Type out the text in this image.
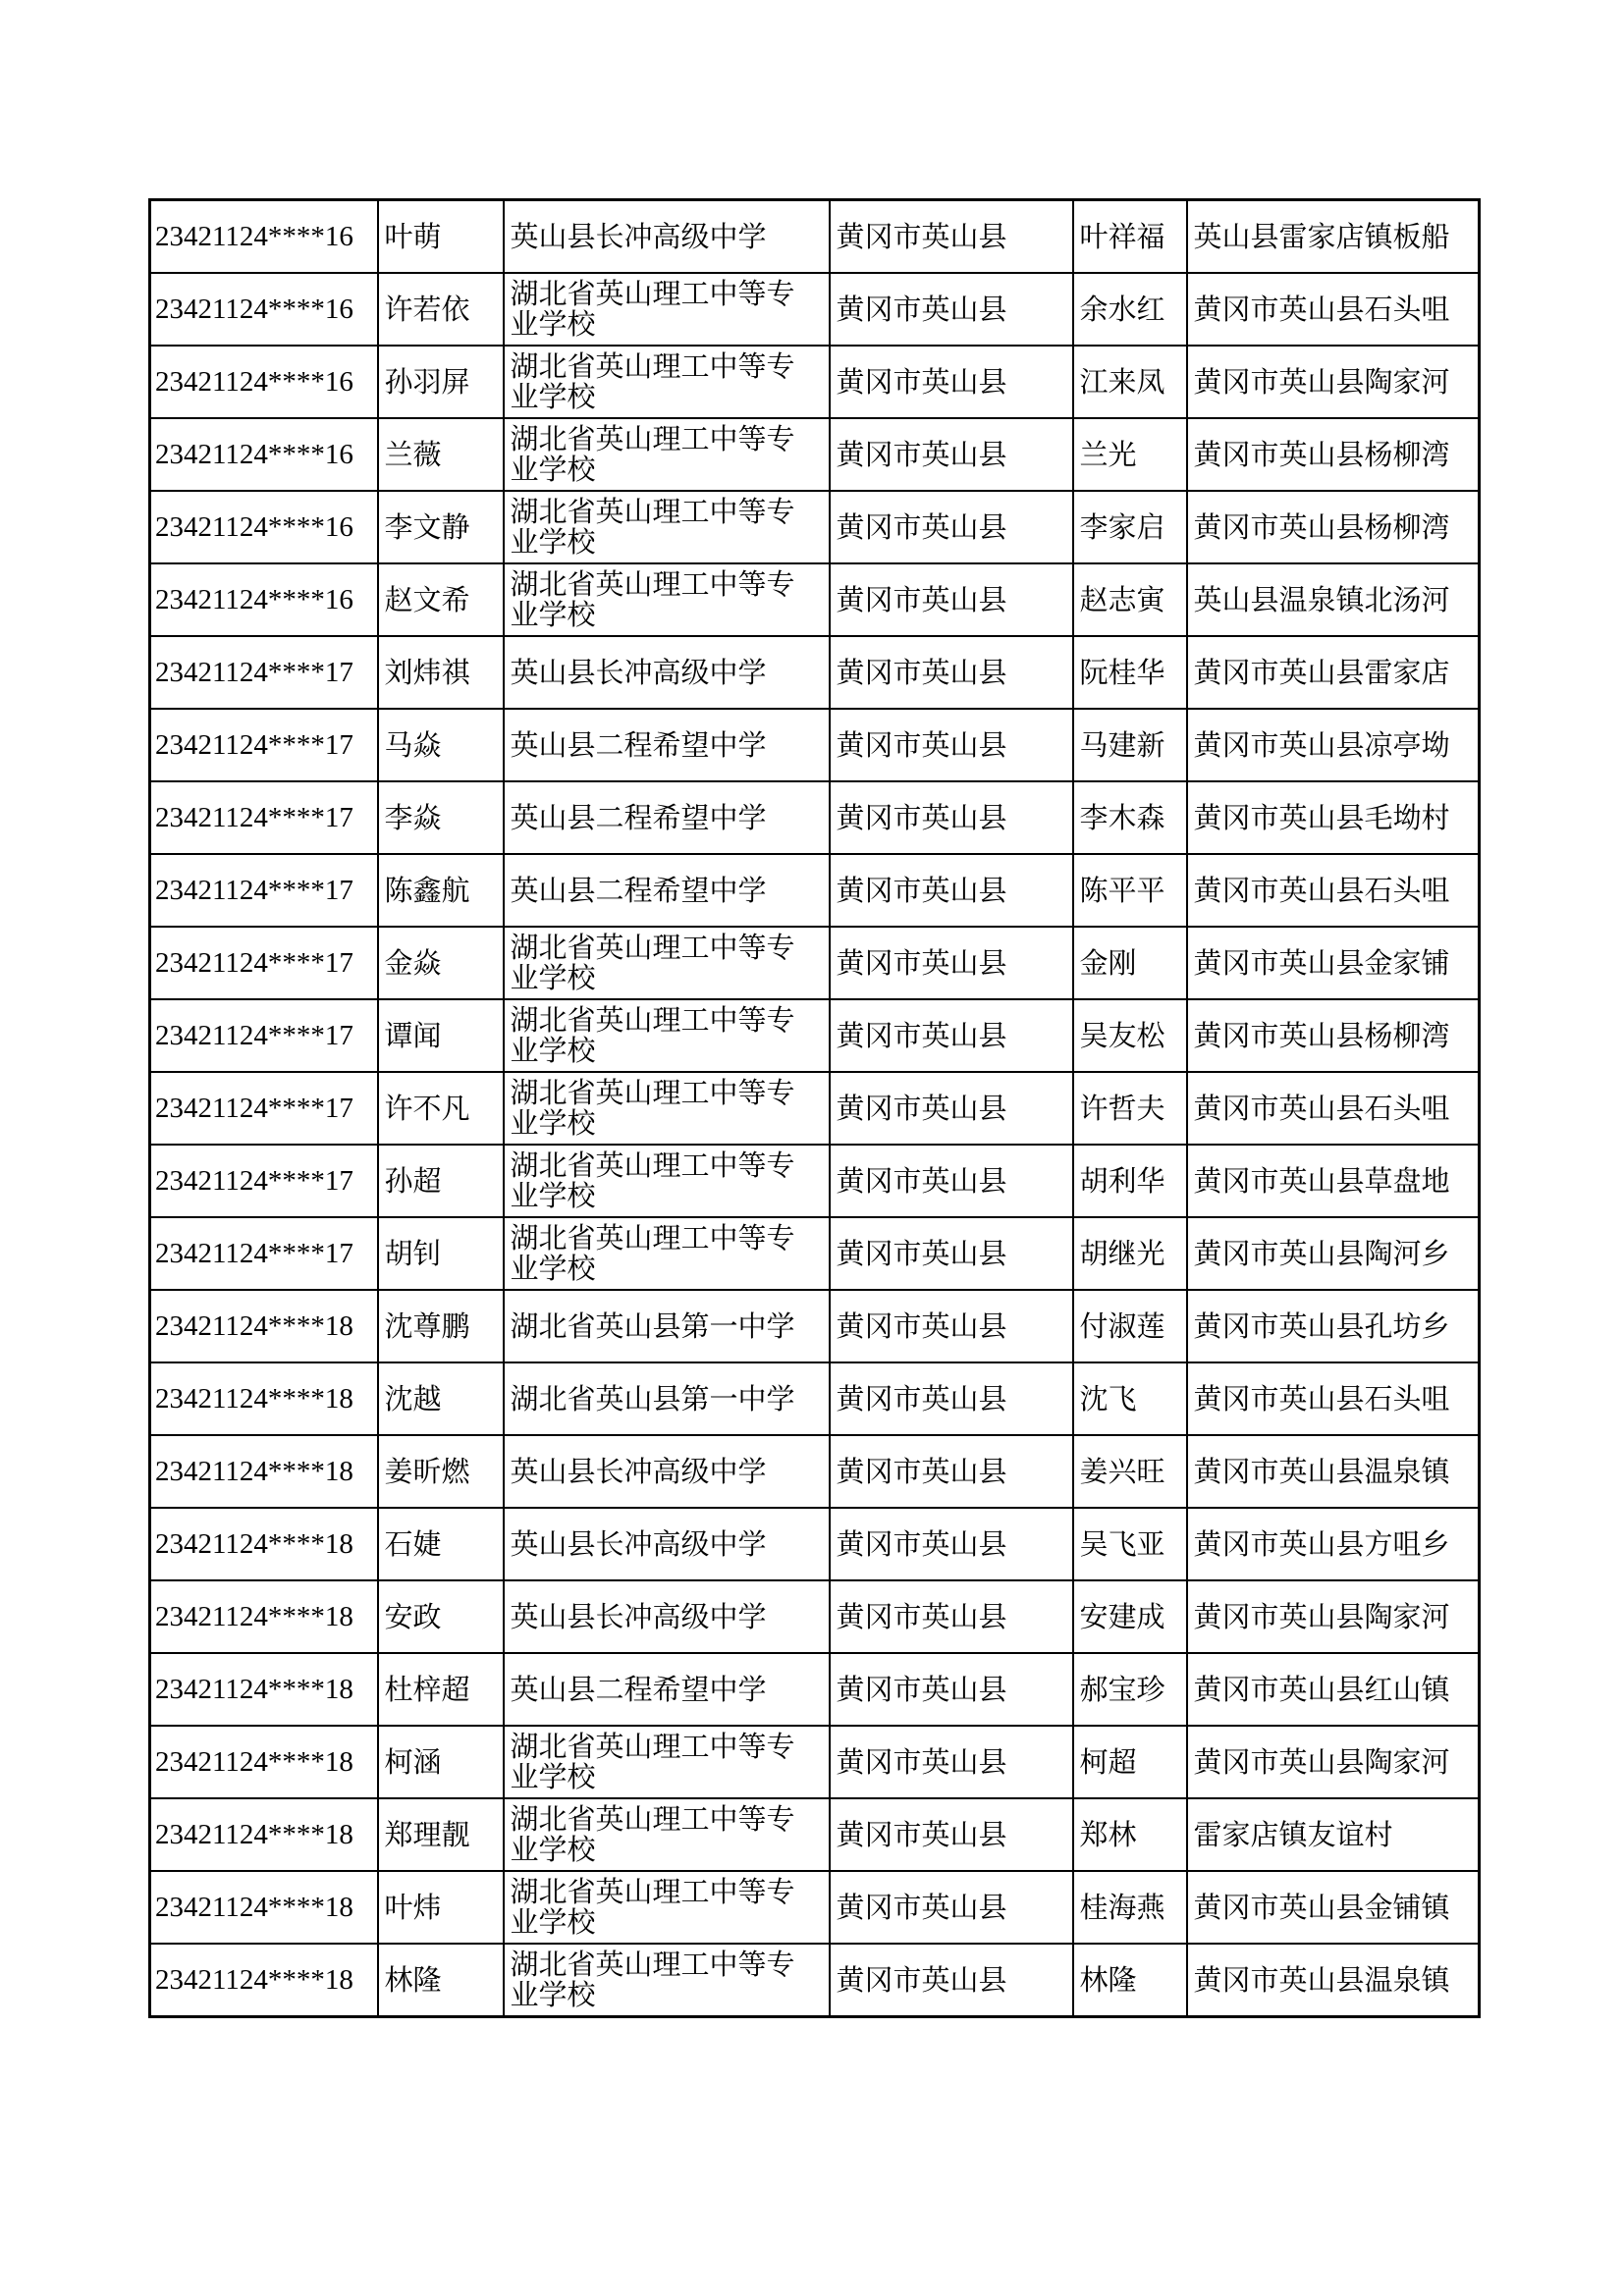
23421124****16	叶萌	英山县长冲高级中学	黄冈市英山县	叶祥福	英山县雷家店镇板船
23421124****16	许若依	湖北省英山理工中等专业学校	黄冈市英山县	余水红	黄冈市英山县石头咀
23421124****16	孙羽屏	湖北省英山理工中等专业学校	黄冈市英山县	江来凤	黄冈市英山县陶家河
23421124****16	兰薇	湖北省英山理工中等专业学校	黄冈市英山县	兰光	黄冈市英山县杨柳湾
23421124****16	李文静	湖北省英山理工中等专业学校	黄冈市英山县	李家启	黄冈市英山县杨柳湾
23421124****16	赵文希	湖北省英山理工中等专业学校	黄冈市英山县	赵志寅	英山县温泉镇北汤河
23421124****17	刘炜祺	英山县长冲高级中学	黄冈市英山县	阮桂华	黄冈市英山县雷家店
23421124****17	马焱	英山县二程希望中学	黄冈市英山县	马建新	黄冈市英山县凉亭坳
23421124****17	李焱	英山县二程希望中学	黄冈市英山县	李木森	黄冈市英山县毛坳村
23421124****17	陈鑫航	英山县二程希望中学	黄冈市英山县	陈平平	黄冈市英山县石头咀
23421124****17	金焱	湖北省英山理工中等专业学校	黄冈市英山县	金刚	黄冈市英山县金家铺
23421124****17	谭闻	湖北省英山理工中等专业学校	黄冈市英山县	吴友松	黄冈市英山县杨柳湾
23421124****17	许不凡	湖北省英山理工中等专业学校	黄冈市英山县	许哲夫	黄冈市英山县石头咀
23421124****17	孙超	湖北省英山理工中等专业学校	黄冈市英山县	胡利华	黄冈市英山县草盘地
23421124****17	胡钊	湖北省英山理工中等专业学校	黄冈市英山县	胡继光	黄冈市英山县陶河乡
23421124****18	沈尊鹏	湖北省英山县第一中学	黄冈市英山县	付淑莲	黄冈市英山县孔坊乡
23421124****18	沈越	湖北省英山县第一中学	黄冈市英山县	沈飞	黄冈市英山县石头咀
23421124****18	姜昕燃	英山县长冲高级中学	黄冈市英山县	姜兴旺	黄冈市英山县温泉镇
23421124****18	石婕	英山县长冲高级中学	黄冈市英山县	吴飞亚	黄冈市英山县方咀乡
23421124****18	安政	英山县长冲高级中学	黄冈市英山县	安建成	黄冈市英山县陶家河
23421124****18	杜梓超	英山县二程希望中学	黄冈市英山县	郝宝珍	黄冈市英山县红山镇
23421124****18	柯涵	湖北省英山理工中等专业学校	黄冈市英山县	柯超	黄冈市英山县陶家河
23421124****18	郑理靓	湖北省英山理工中等专业学校	黄冈市英山县	郑林	雷家店镇友谊村
23421124****18	叶炜	湖北省英山理工中等专业学校	黄冈市英山县	桂海燕	黄冈市英山县金铺镇
23421124****18	林隆	湖北省英山理工中等专业学校	黄冈市英山县	林隆	黄冈市英山县温泉镇
